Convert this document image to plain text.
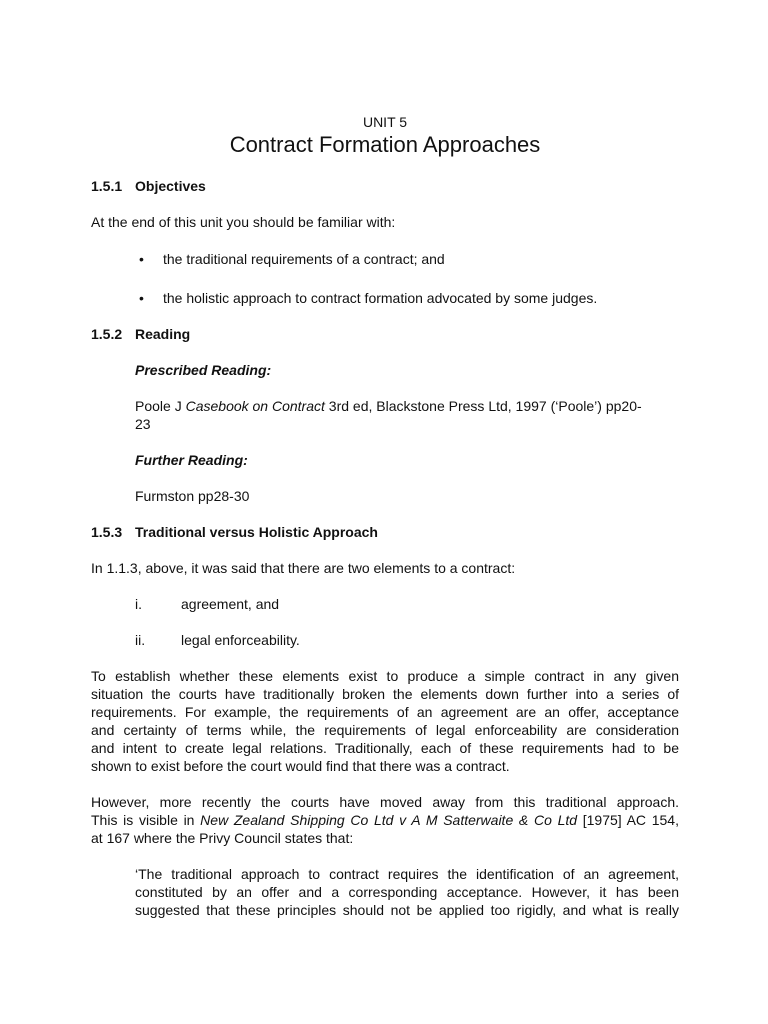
UNIT 5
Contract Formation Approaches
1.5.1 Objectives
At the end of this unit you should be familiar with:
• the traditional requirements of a contract; and
• the holistic approach to contract formation advocated by some judges.
1.5.2 Reading
Prescribed Reading:
Poole J Casebook on Contract 3rd ed, Blackstone Press Ltd, 1997 (‘Poole’) pp20-
23
Further Reading:
Furmston pp28-30
1.5.3 Traditional versus Holistic Approach
In 1.1.3, above, it was said that there are two elements to a contract:
i.	agreement, and
ii.	legal enforceability.
To establish whether these elements exist to produce a simple contract in any given
situation the courts have traditionally broken the elements down further into a series of
requirements. For example, the requirements of an agreement are an offer, acceptance
and certainty of terms while, the requirements of legal enforceability are consideration
and intent to create legal relations. Traditionally, each of these requirements had to be
shown to exist before the court would find that there was a contract.
However, more recently the courts have moved away from this traditional approach.
This is visible in New Zealand Shipping Co Ltd v A M Satterwaite & Co Ltd [1975] AC 154,
at 167 where the Privy Council states that:
‘The traditional approach to contract requires the identification of an agreement,
constituted by an offer and a corresponding acceptance. However, it has been
suggested that these principles should not be applied too rigidly, and what is really
